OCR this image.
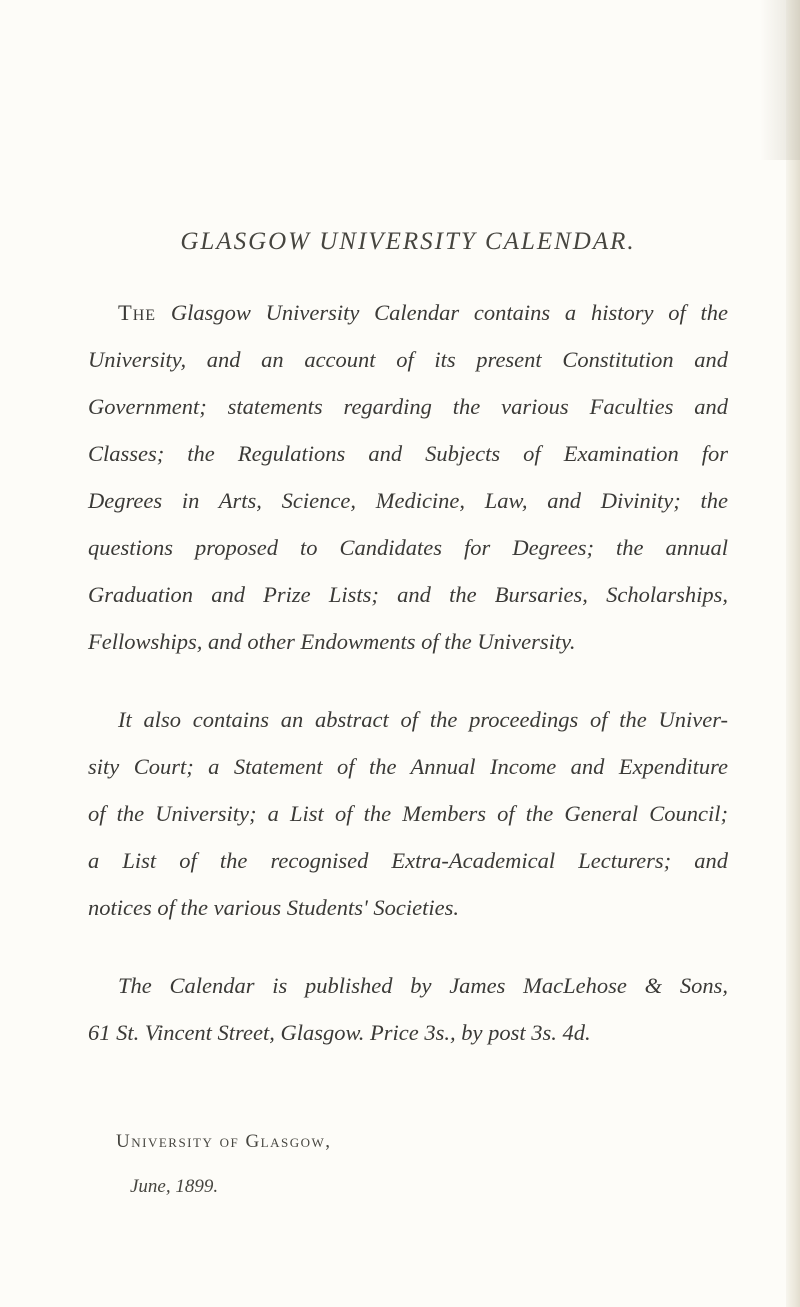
GLASGOW UNIVERSITY CALENDAR.
The Glasgow University Calendar contains a history of the
University, and an account of its present Constitution and
Government; statements regarding the various Faculties and
Classes; the Regulations and Subjects of Examination for
Degrees in Arts, Science, Medicine, Law, and Divinity; the
questions proposed to Candidates for Degrees; the annual
Graduation and Prize Lists; and the Bursaries, Scholarships,
Fellowships, and other Endowments of the University.
It also contains an abstract of the proceedings of the Univer-
sity Court; a Statement of the Annual Income and Expenditure
of the University; a List of the Members of the General Council;
a List of the recognised Extra-Academical Lecturers; and
notices of the various Students' Societies.
The Calendar is published by James MacLehose & Sons,
61 St. Vincent Street, Glasgow. Price 3s., by post 3s. 4d.
University of Glasgow,
June, 1899.
